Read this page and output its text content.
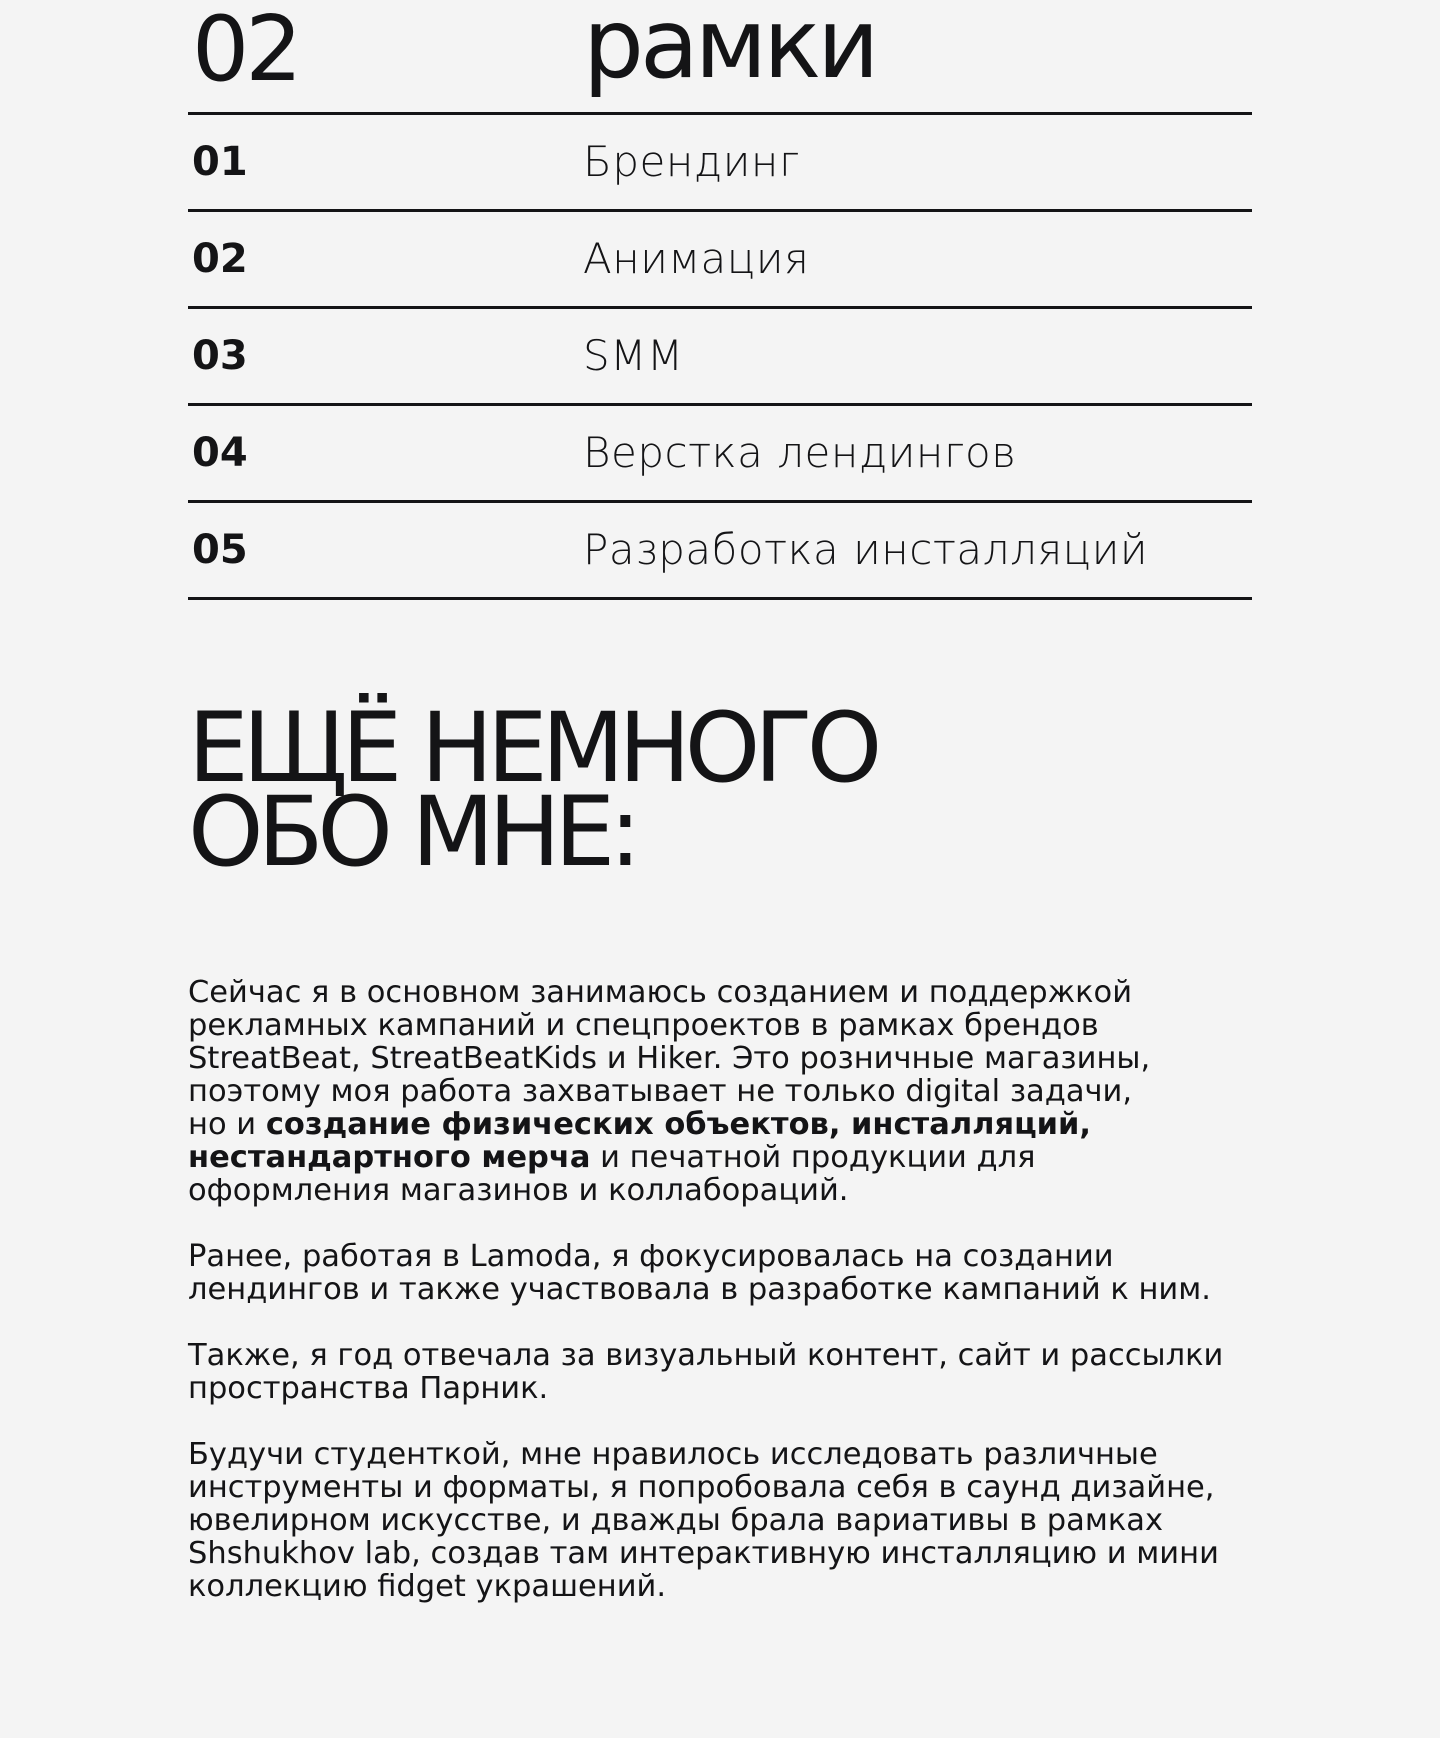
02	рамки
01	Брендинг
02	Анимация
03	SMM
04	Верстка лендингов
05	Разработка инсталляций
ЕЩЁ НЕМНОГО
ОБО МНЕ:

Сейчас я в основном занимаюсь созданием и поддержкой
рекламных кампаний и спецпроектов в рамках брендов
StreatBeat, StreatBeatKids и Hiker. Это розничные магазины,
поэтому моя работа захватывает не только digital задачи,
но и создание физических объектов, инсталляций,
нестандартного мерча и печатной продукции для
оформления магазинов и коллабораций.

Ранее, работая в Lamoda, я фокусировалась на создании
лендингов и также участвовала в разработке кампаний к ним.

Также, я год отвечала за визуальный контент, сайт и рассылки
пространства Парник.

Будучи студенткой, мне нравилось исследовать различные
инструменты и форматы, я попробовала себя в саунд дизайне,
ювелирном искусстве, и дважды брала вариативы в рамках
Shshukhov lab, создав там интерактивную инсталляцию и мини
коллекцию fidget украшений.
